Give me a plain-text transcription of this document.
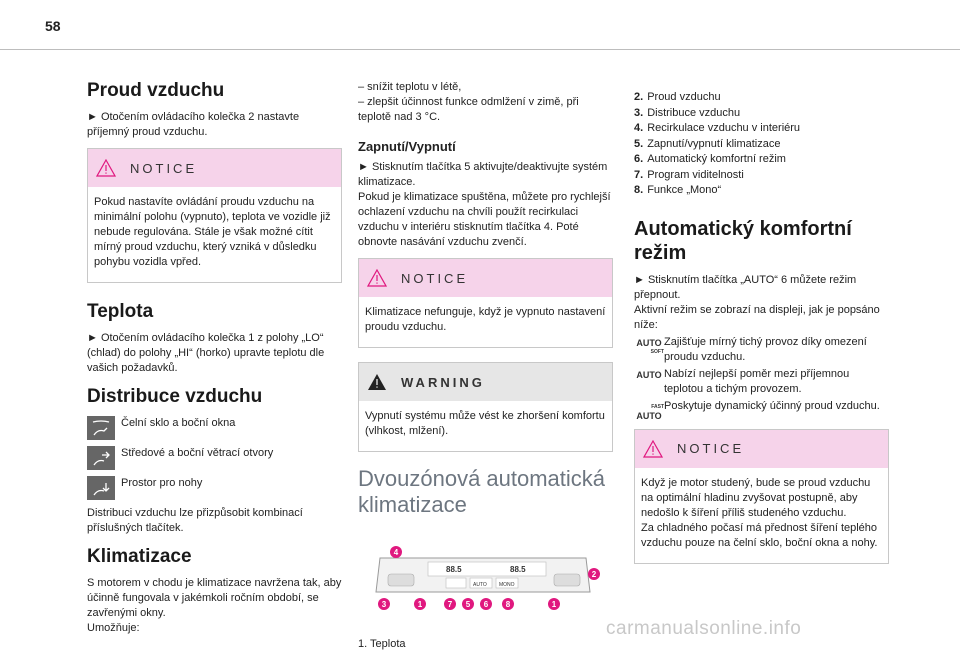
58
Proud vzduchu

► Otočením ovládacího kolečka 2 nastavte příjemný proud vzduchu.

NOTICE

Pokud nastavíte ovládání proudu vzduchu na minimální polohu (vypnuto), teplota ve vozidle již nebude regulována. Stále je však možné cítit mírný proud vzduchu, který vzniká v důsledku pohybu vozidla vpřed.

Teplota

► Otočením ovládacího kolečka 1 z polohy „LO“ (chlad) do polohy „HI“ (horko) upravte teplotu dle vašich požadavků.

Distribuce vzduchu

Čelní sklo a boční okna

Středové a boční větrací otvory

Prostor pro nohy

Distribuci vzduchu lze přizpůsobit kombinací příslušných tlačítek.

Klimatizace

S motorem v chodu je klimatizace navržena tak, aby účinně fungovala v jakémkoli ročním období, se zavřenými okny.

Umožňuje:

– snížit teplotu v létě,

– zlepšit účinnost funkce odmlžení v zimě, při teplotě nad 3 °C.

Zapnutí/Vypnutí

► Stisknutím tlačítka 5 aktivujte/deaktivujte systém klimatizace.

Pokud je klimatizace spuštěna, můžete pro rychlejší ochlazení vzduchu na chvíli použít recirkulaci vzduchu v interiéru stisknutím tlačítka 4. Poté obnovte nasávání vzduchu zvenčí.

NOTICE

Klimatizace nefunguje, když je vypnuto nastavení proudu vzduchu.

WARNING

Vypnutí systému může vést ke zhoršení komfortu (vlhkost, mlžení).

Dvouzónová automatická klimatizace
88.5	88.5
AUTO MONO
4
2
3	1	7 5 6 8	1

1. Teplota

2. Proud vzduchu
3. Distribuce vzduchu
4. Recirkulace vzduchu v interiéru
5. Zapnutí/vypnutí klimatizace
6. Automatický komfortní režim
7. Program viditelnosti
8. Funkce „Mono“
Automatický komfortní režim

► Stisknutím tlačítka „AUTO“ 6 můžete režim přepnout.

Aktivní režim se zobrazí na displeji, jak je popsáno níže:

AUTO
SOFT

Zajišťuje mírný tichý provoz díky omezení proudu vzduchu.

AUTO Nabízí nejlepší poměr mezi příjemnou teplotou a tichým provozem.

FAST
AUTO

Poskytuje dynamický účinný proud vzduchu.

NOTICE

Když je motor studený, bude se proud vzduchu na optimální hladinu zvyšovat postupně, aby nedošlo k šíření příliš studeného vzduchu.

Za chladného počasí má přednost šíření teplého vzduchu pouze na čelní sklo, boční okna a nohy.

carmanualsonline.info
